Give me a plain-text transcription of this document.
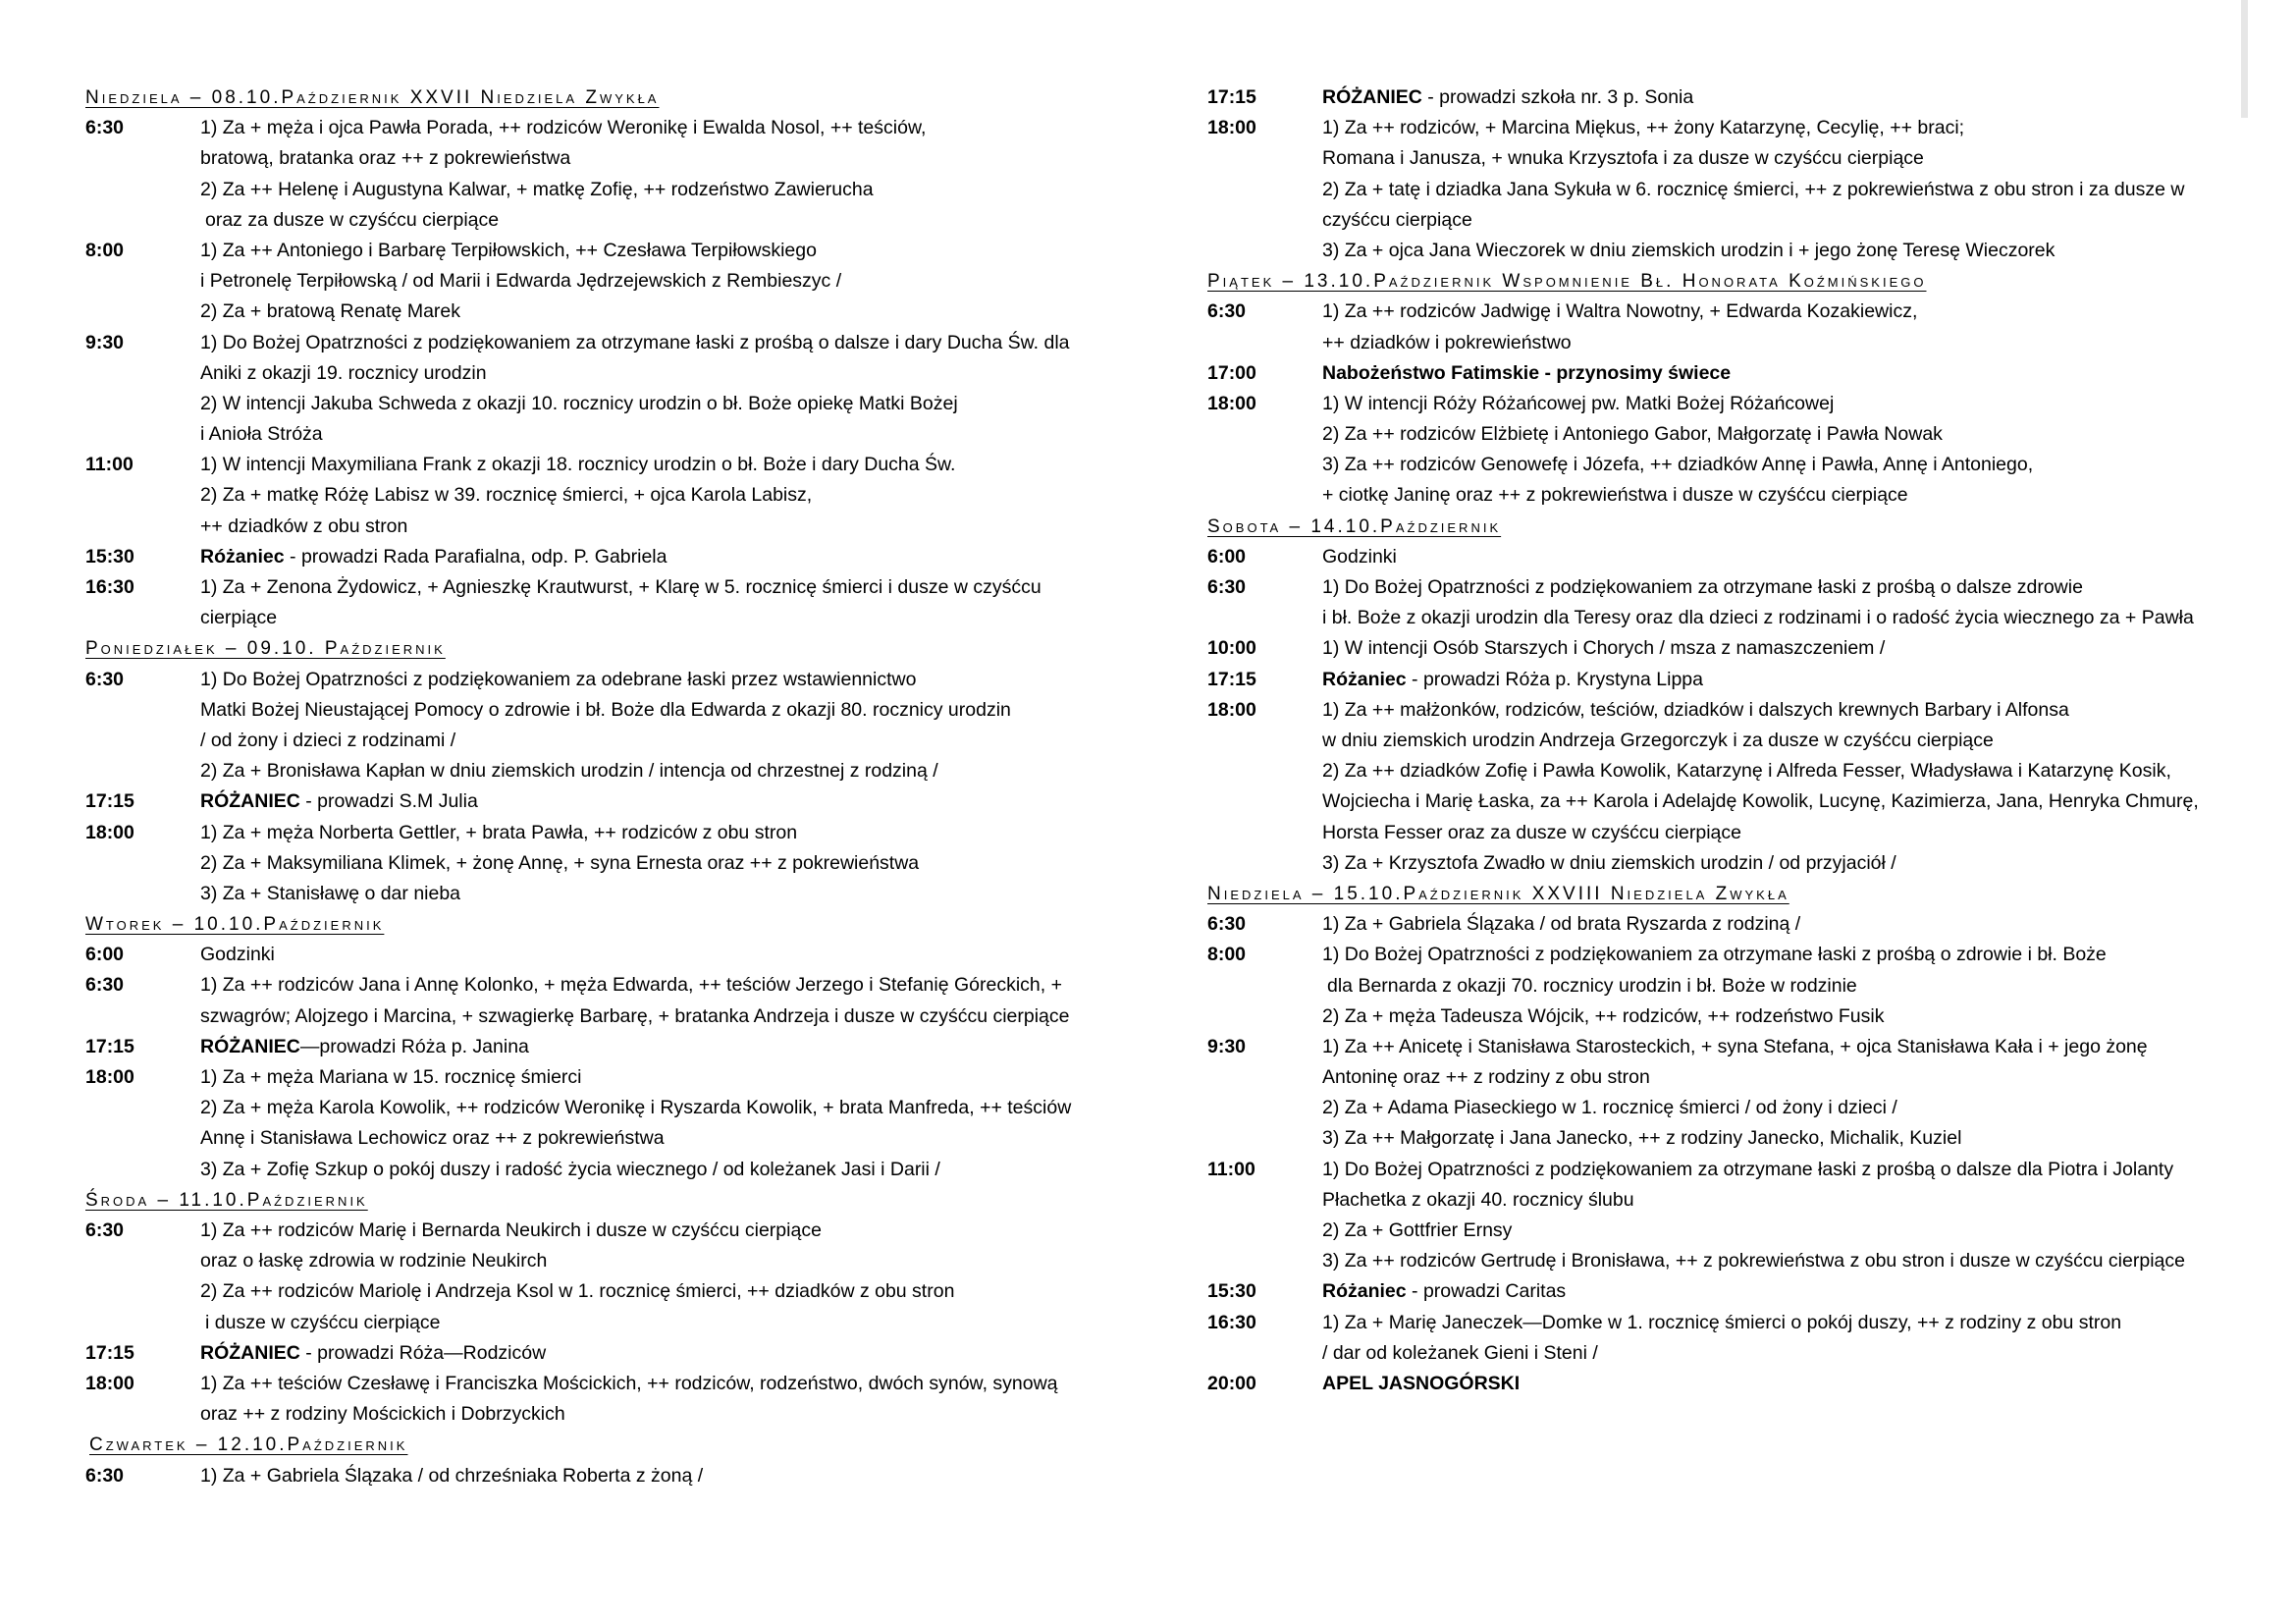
Niedziela – 08.10.Październik XXVII Niedziela Zwykła
6:30	1) Za + męża i ojca Pawła Porada, ++ rodziców Weronikę i Ewalda Nosol, ++ teściów,
bratową, bratanka oraz ++ z pokrewieństwa
2) Za ++ Helenę i Augustyna Kalwar, + matkę Zofię, ++ rodzeństwo Zawierucha
oraz za dusze w czyśćcu cierpiące
8:00	1) Za ++ Antoniego i Barbarę Terpiłowskich, ++ Czesława Terpiłowskiego
i Petronelę Terpiłowską / od Marii i Edwarda Jędrzejewskich z Rembieszyc /
2) Za + bratową Renatę Marek
9:30	1) Do Bożej Opatrzności z podziękowaniem za otrzymane łaski z prośbą o dalsze i dary Ducha Św. dla
Aniki z okazji 19. rocznicy urodzin
2) W intencji Jakuba Schweda z okazji 10. rocznicy urodzin o bł. Boże opiekę Matki Bożej
i Anioła Stróża
11:00	1) W intencji Maxymiliana Frank z okazji 18. rocznicy urodzin o bł. Boże i dary Ducha Św.
2) Za + matkę Różę Labisz w 39. rocznicę śmierci, + ojca Karola Labisz,
++ dziadków z obu stron
15:30	Różaniec - prowadzi Rada Parafialna, odp. P. Gabriela
16:30	1) Za + Zenona Żydowicz, + Agnieszkę Krautwurst, + Klarę w 5. rocznicę śmierci i dusze w czyśćcu
cierpiące
Poniedziałek – 09.10. Październik
6:30	1) Do Bożej Opatrzności z podziękowaniem za odebrane łaski przez wstawiennictwo
Matki Bożej Nieustającej Pomocy o zdrowie i bł. Boże dla Edwarda z okazji 80. rocznicy urodzin
/ od żony i dzieci z rodzinami /
2) Za + Bronisława Kapłan w dniu ziemskich urodzin / intencja od chrzestnej z rodziną /
17:15	RÓŻANIEC - prowadzi S.M Julia
18:00	1) Za + męża Norberta Gettler, + brata Pawła, ++ rodziców z obu stron
2) Za + Maksymiliana Klimek, + żonę Annę, + syna Ernesta oraz ++ z pokrewieństwa
3) Za + Stanisławę o dar nieba
Wtorek – 10.10.Październik
6:00	Godzinki
6:30	1) Za ++ rodziców Jana i Annę Kolonko, + męża Edwarda, ++ teściów Jerzego i Stefanię Góreckich, +
szwagrów; Alojzego i Marcina, + szwagierkę Barbarę, + bratanka Andrzeja i dusze w czyśćcu cierpiące
17:15	RÓŻANIEC—prowadzi Róża p. Janina
18:00	1) Za + męża Mariana w 15. rocznicę śmierci
2) Za + męża Karola Kowolik, ++ rodziców Weronikę i Ryszarda Kowolik, + brata Manfreda, ++ teściów
Annę i Stanisława Lechowicz oraz ++ z pokrewieństwa
3) Za + Zofię Szkup o pokój duszy i radość życia wiecznego / od koleżanek Jasi i Darii /
Środa – 11.10.Październik
6:30	1) Za ++ rodziców Marię i Bernarda Neukirch i dusze w czyśćcu cierpiące
oraz o łaskę zdrowia w rodzinie Neukirch
2) Za ++ rodziców Mariolę i Andrzeja Ksol w 1. rocznicę śmierci, ++ dziadków z obu stron
i dusze w czyśćcu cierpiące
17:15	RÓŻANIEC - prowadzi Róża—Rodziców
18:00	1) Za ++ teściów Czesławę i Franciszka Mościckich, ++ rodziców, rodzeństwo, dwóch synów, synową
oraz ++ z rodziny Mościckich i Dobrzyckich
Czwartek – 12.10.Październik
6:30	1) Za + Gabriela Ślązaka / od chrześniaka Roberta z żoną /
17:15	RÓŻANIEC - prowadzi szkoła nr. 3 p. Sonia
18:00	1) Za ++ rodziców, + Marcina Miękus, ++ żony Katarzynę, Cecylię, ++ braci;
Romana i Janusza, + wnuka Krzysztofa i za dusze w czyśćcu cierpiące
2) Za + tatę i dziadka Jana Sykuła w 6. rocznicę śmierci, ++ z pokrewieństwa z obu stron i za dusze w
czyśćcu cierpiące
3) Za + ojca Jana Wieczorek w dniu ziemskich urodzin i + jego żonę Teresę Wieczorek
Piątek – 13.10.Październik Wspomnienie Bł. Honorata Koźmińskiego
6:30	1) Za ++ rodziców Jadwigę i Waltra Nowotny, + Edwarda Kozakiewicz,
++ dziadków i pokrewieństwo
17:00	Nabożeństwo Fatimskie - przynosimy świece
18:00	1) W intencji Róży Różańcowej pw. Matki Bożej Różańcowej
2) Za ++ rodziców Elżbietę i Antoniego Gabor, Małgorzatę i Pawła Nowak
3) Za ++ rodziców Genowefę i Józefa, ++ dziadków Annę i Pawła, Annę i Antoniego,
+ ciotkę Janinę oraz ++ z pokrewieństwa i dusze w czyśćcu cierpiące
Sobota – 14.10.Październik
6:00	Godzinki
6:30	1) Do Bożej Opatrzności z podziękowaniem za otrzymane łaski z prośbą o dalsze zdrowie
i bł. Boże z okazji urodzin dla Teresy oraz dla dzieci z rodzinami i o radość życia wiecznego za + Pawła
10:00	1) W intencji Osób Starszych i Chorych / msza z namaszczeniem /
17:15	Różaniec - prowadzi Róża p. Krystyna Lippa
18:00	1) Za ++ małżonków, rodziców, teściów, dziadków i dalszych krewnych Barbary i Alfonsa
w dniu ziemskich urodzin Andrzeja Grzegorczyk i za dusze w czyśćcu cierpiące
2) Za ++ dziadków Zofię i Pawła Kowolik, Katarzynę i Alfreda Fesser, Władysława i Katarzynę Kosik,
Wojciecha i Marię Łaska, za ++ Karola i Adelajdę Kowolik, Lucynę, Kazimierza, Jana, Henryka Chmurę,
Horsta Fesser oraz za dusze w czyśćcu cierpiące
3) Za + Krzysztofa Zwadło w dniu ziemskich urodzin / od przyjaciół /
Niedziela – 15.10.Październik XXVIII Niedziela Zwykła
6:30	1) Za + Gabriela Ślązaka / od brata Ryszarda z rodziną /
8:00	1) Do Bożej Opatrzności z podziękowaniem za otrzymane łaski z prośbą o zdrowie i bł. Boże
dla Bernarda z okazji 70. rocznicy urodzin i bł. Boże w rodzinie
2) Za + męża Tadeusza Wójcik, ++ rodziców, ++ rodzeństwo Fusik
9:30	1) Za ++ Anicetę i Stanisława Starosteckich, + syna Stefana, + ojca Stanisława Kała i + jego żonę
Antoninę oraz ++ z rodziny z obu stron
2) Za + Adama Piaseckiego w 1. rocznicę śmierci / od żony i dzieci /
3) Za ++ Małgorzatę i Jana Janecko, ++ z rodziny Janecko, Michalik, Kuziel
11:00	1) Do Bożej Opatrzności z podziękowaniem za otrzymane łaski z prośbą o dalsze dla Piotra i Jolanty
Płachetka z okazji 40. rocznicy ślubu
2) Za + Gottfrier Ernsy
3) Za ++ rodziców Gertrudę i Bronisława, ++ z pokrewieństwa z obu stron i dusze w czyśćcu cierpiące
15:30	Różaniec - prowadzi Caritas
16:30	1) Za + Marię Janeczek—Domke w 1. rocznicę śmierci o pokój duszy, ++ z rodziny z obu stron
/ dar od koleżanek Gieni i Steni /
20:00	APEL JASNOGÓRSKI
